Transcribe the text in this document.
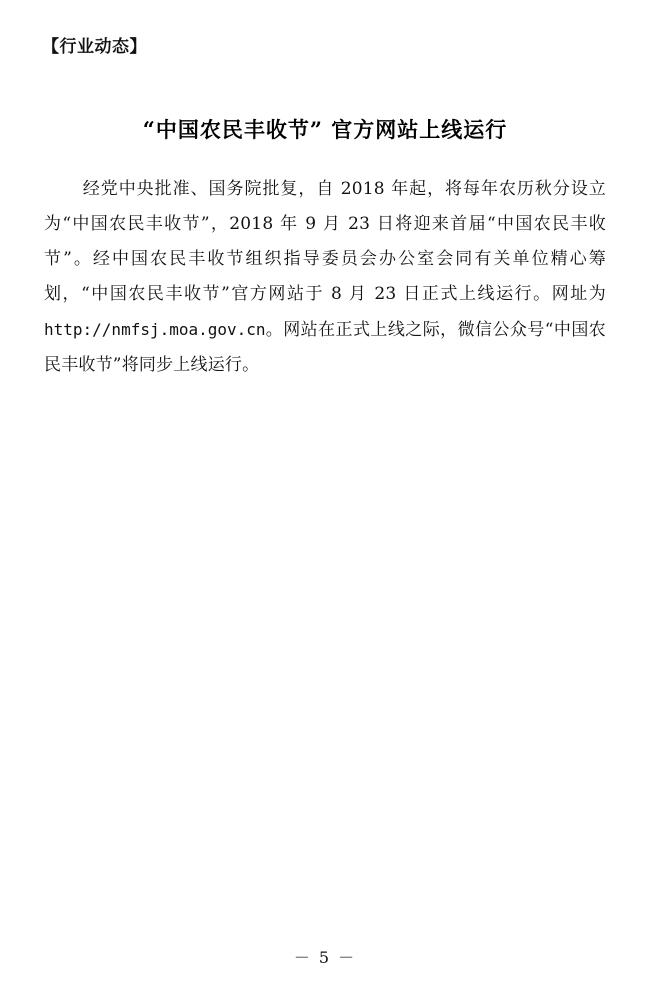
【行业动态】
“中国农民丰收节” 官方网站上线运行

经党中央批准、国务院批复，自 2018 年起，将每年农历秋分设立为“中国农民丰收节”，2018 年 9 月 23 日将迎来首届“中国农民丰收节”。经中国农民丰收节组织指导委员会办公室会同有关单位精心筹划，“中国农民丰收节”官方网站于 8 月 23 日正式上线运行。网址为 http://nmfsj.moa.gov.cn。网站在正式上线之际，微信公众号“中国农民丰收节”将同步上线运行。

－ 5 －
